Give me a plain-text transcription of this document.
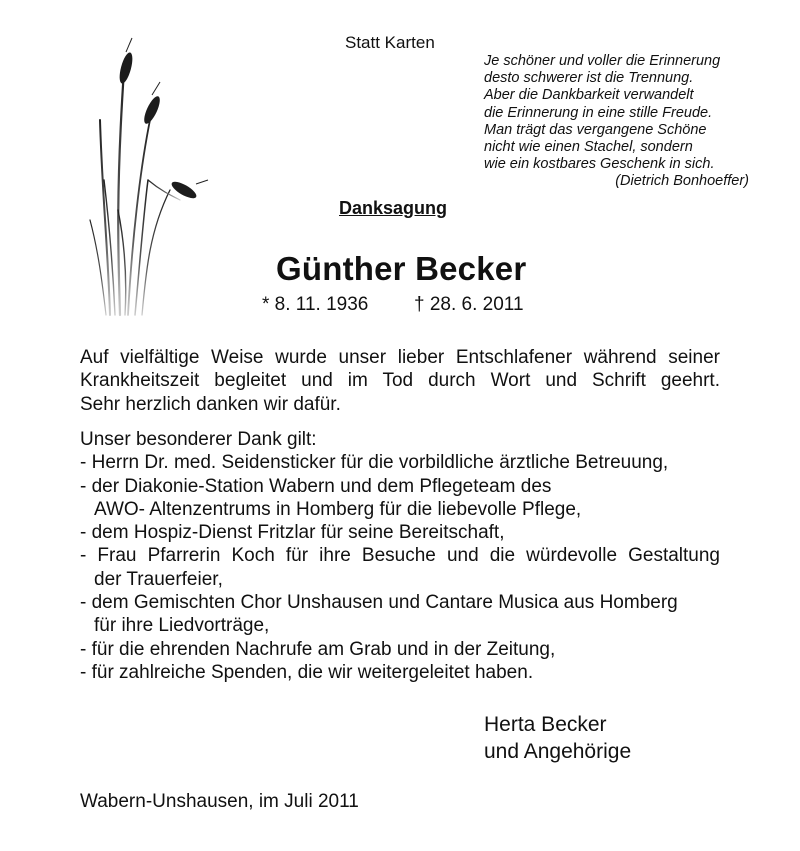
Statt Karten
Je schöner und voller die Erinnerung
desto schwerer ist die Trennung.
Aber die Dankbarkeit verwandelt
die Erinnerung in eine stille Freude.
Man trägt das vergangene Schöne
nicht wie einen Stachel, sondern
wie ein kostbares Geschenk in sich.
(Dietrich Bonhoeffer)
Danksagung
Günther Becker
* 8. 11. 1936 † 28. 6. 2011
Auf vielfältige Weise wurde unser lieber Entschlafener während seiner
Krankheitszeit begleitet und im Tod durch Wort und Schrift geehrt.
Sehr herzlich danken wir dafür.
Unser besonderer Dank gilt:
- Herrn Dr. med. Seidensticker für die vorbildliche ärztliche Betreuung,
- der Diakonie-Station Wabern und dem Pflegeteam des
AWO- Altenzentrums in Homberg für die liebevolle Pflege,
- dem Hospiz-Dienst Fritzlar für seine Bereitschaft,
- Frau Pfarrerin Koch für ihre Besuche und die würdevolle Gestaltung
der Trauerfeier,
- dem Gemischten Chor Unshausen und Cantare Musica aus Homberg
für ihre Liedvorträge,
- für die ehrenden Nachrufe am Grab und in der Zeitung,
- für zahlreiche Spenden, die wir weitergeleitet haben.
Herta Becker
und Angehörige
Wabern-Unshausen, im Juli 2011
